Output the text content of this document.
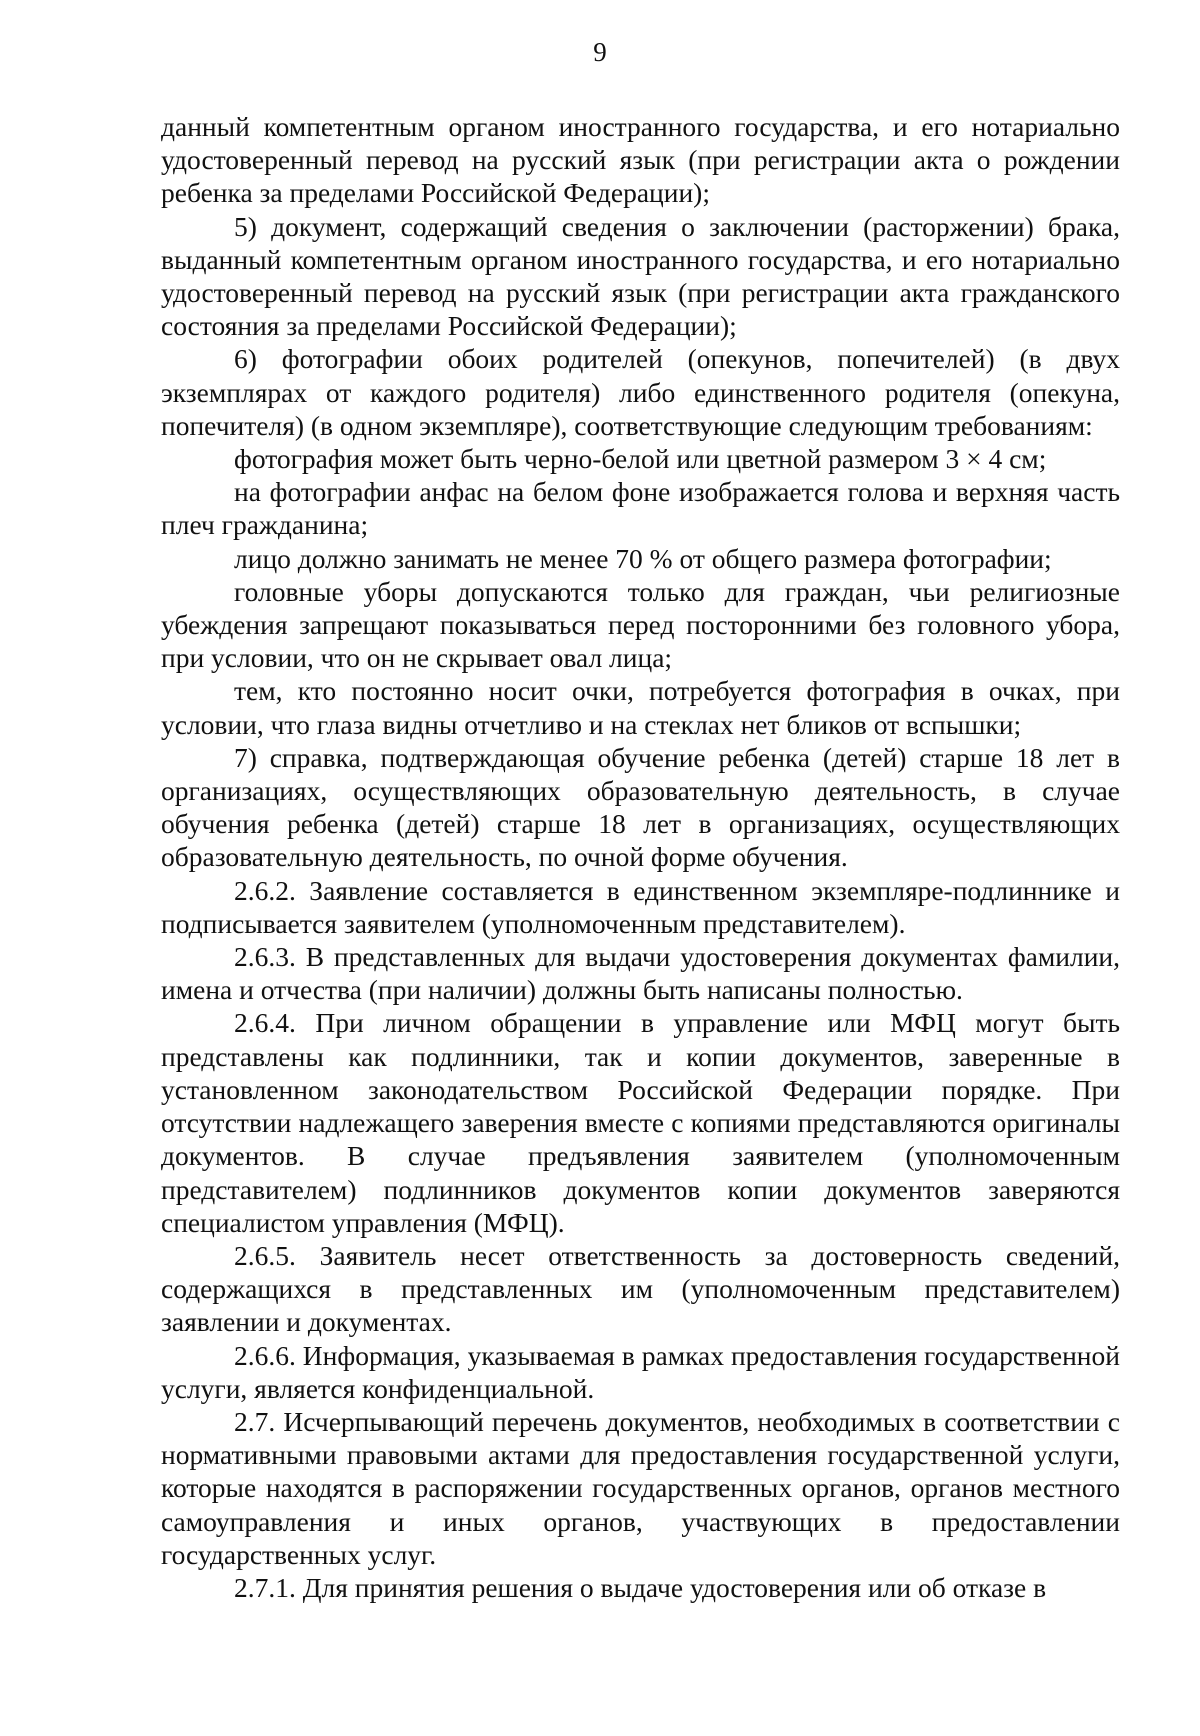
9

данный компетентным органом иностранного государства, и его нотариально удостоверенный перевод на русский язык (при регистрации акта о рождении ребенка за пределами Российской Федерации);

5) документ, содержащий сведения о заключении (расторжении) брака, выданный компетентным органом иностранного государства, и его нотариально удостоверенный перевод на русский язык (при регистрации акта гражданского состояния за пределами Российской Федерации);

6) фотографии обоих родителей (опекунов, попечителей) (в двух экземплярах от каждого родителя) либо единственного родителя (опекуна, попечителя) (в одном экземпляре), соответствующие следующим требованиям:

фотография может быть черно-белой или цветной размером 3 × 4 см;

на фотографии анфас на белом фоне изображается голова и верхняя часть плеч гражданина;

лицо должно занимать не менее 70 % от общего размера фотографии;

головные уборы допускаются только для граждан, чьи религиозные убеждения запрещают показываться перед посторонними без головного убора, при условии, что он не скрывает овал лица;

тем, кто постоянно носит очки, потребуется фотография в очках, при условии, что глаза видны отчетливо и на стеклах нет бликов от вспышки;

7) справка, подтверждающая обучение ребенка (детей) старше 18 лет в организациях, осуществляющих образовательную деятельность, в случае обучения ребенка (детей) старше 18 лет в организациях, осуществляющих образовательную деятельность, по очной форме обучения.

2.6.2. Заявление составляется в единственном экземпляре-подлиннике и подписывается заявителем (уполномоченным представителем).

2.6.3. В представленных для выдачи удостоверения документах фамилии, имена и отчества (при наличии) должны быть написаны полностью.

2.6.4. При личном обращении в управление или МФЦ могут быть представлены как подлинники, так и копии документов, заверенные в установленном законодательством Российской Федерации порядке. При отсутствии надлежащего заверения вместе с копиями представляются оригиналы документов. В случае предъявления заявителем (уполномоченным представителем) подлинников документов копии документов заверяются специалистом управления (МФЦ).

2.6.5. Заявитель несет ответственность за достоверность сведений, содержащихся в представленных им (уполномоченным представителем) заявлении и документах.

2.6.6. Информация, указываемая в рамках предоставления государственной услуги, является конфиденциальной.

2.7. Исчерпывающий перечень документов, необходимых в соответствии с нормативными правовыми актами для предоставления государственной услуги, которые находятся в распоряжении государственных органов, органов местного самоуправления и иных органов, участвующих в предоставлении государственных услуг.

2.7.1. Для принятия решения о выдаче удостоверения или об отказе в
